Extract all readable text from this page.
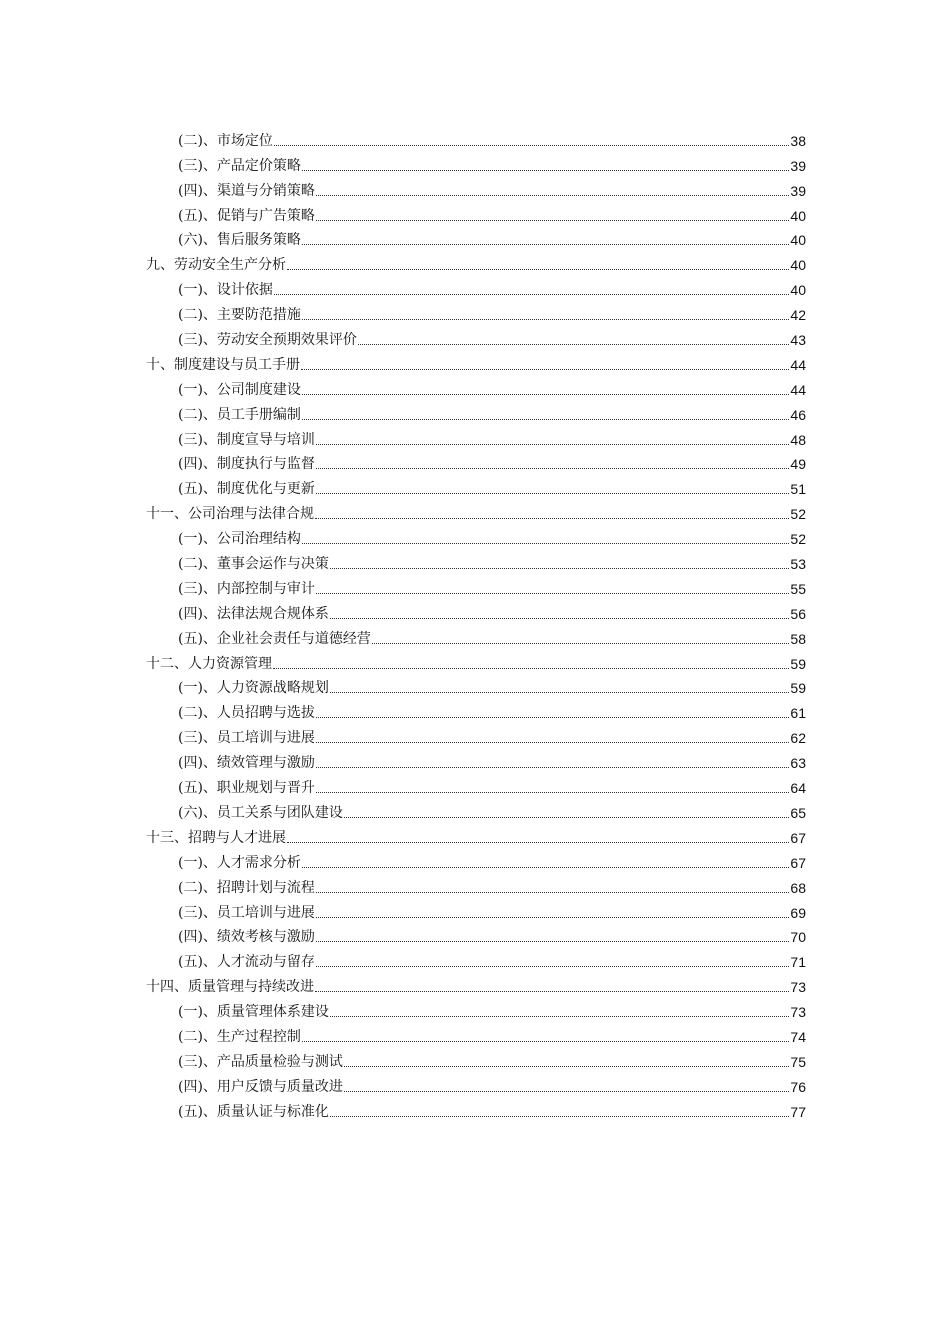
(二)、市场定位	38
(三)、产品定价策略	39
(四)、渠道与分销策略	39
(五)、促销与广告策略	40
(六)、售后服务策略	40
九、劳动安全生产分析	40
(一)、设计依据	40
(二)、主要防范措施	42
(三)、劳动安全预期效果评价	43
十、制度建设与员工手册	44
(一)、公司制度建设	44
(二)、员工手册编制	46
(三)、制度宣导与培训	48
(四)、制度执行与监督	49
(五)、制度优化与更新	51
十一、公司治理与法律合规	52
(一)、公司治理结构	52
(二)、董事会运作与决策	53
(三)、内部控制与审计	55
(四)、法律法规合规体系	56
(五)、企业社会责任与道德经营	58
十二、人力资源管理	59
(一)、人力资源战略规划	59
(二)、人员招聘与选拔	61
(三)、员工培训与进展	62
(四)、绩效管理与激励	63
(五)、职业规划与晋升	64
(六)、员工关系与团队建设	65
十三、招聘与人才进展	67
(一)、人才需求分析	67
(二)、招聘计划与流程	68
(三)、员工培训与进展	69
(四)、绩效考核与激励	70
(五)、人才流动与留存	71
十四、质量管理与持续改进	73
(一)、质量管理体系建设	73
(二)、生产过程控制	74
(三)、产品质量检验与测试	75
(四)、用户反馈与质量改进	76
(五)、质量认证与标准化	77
